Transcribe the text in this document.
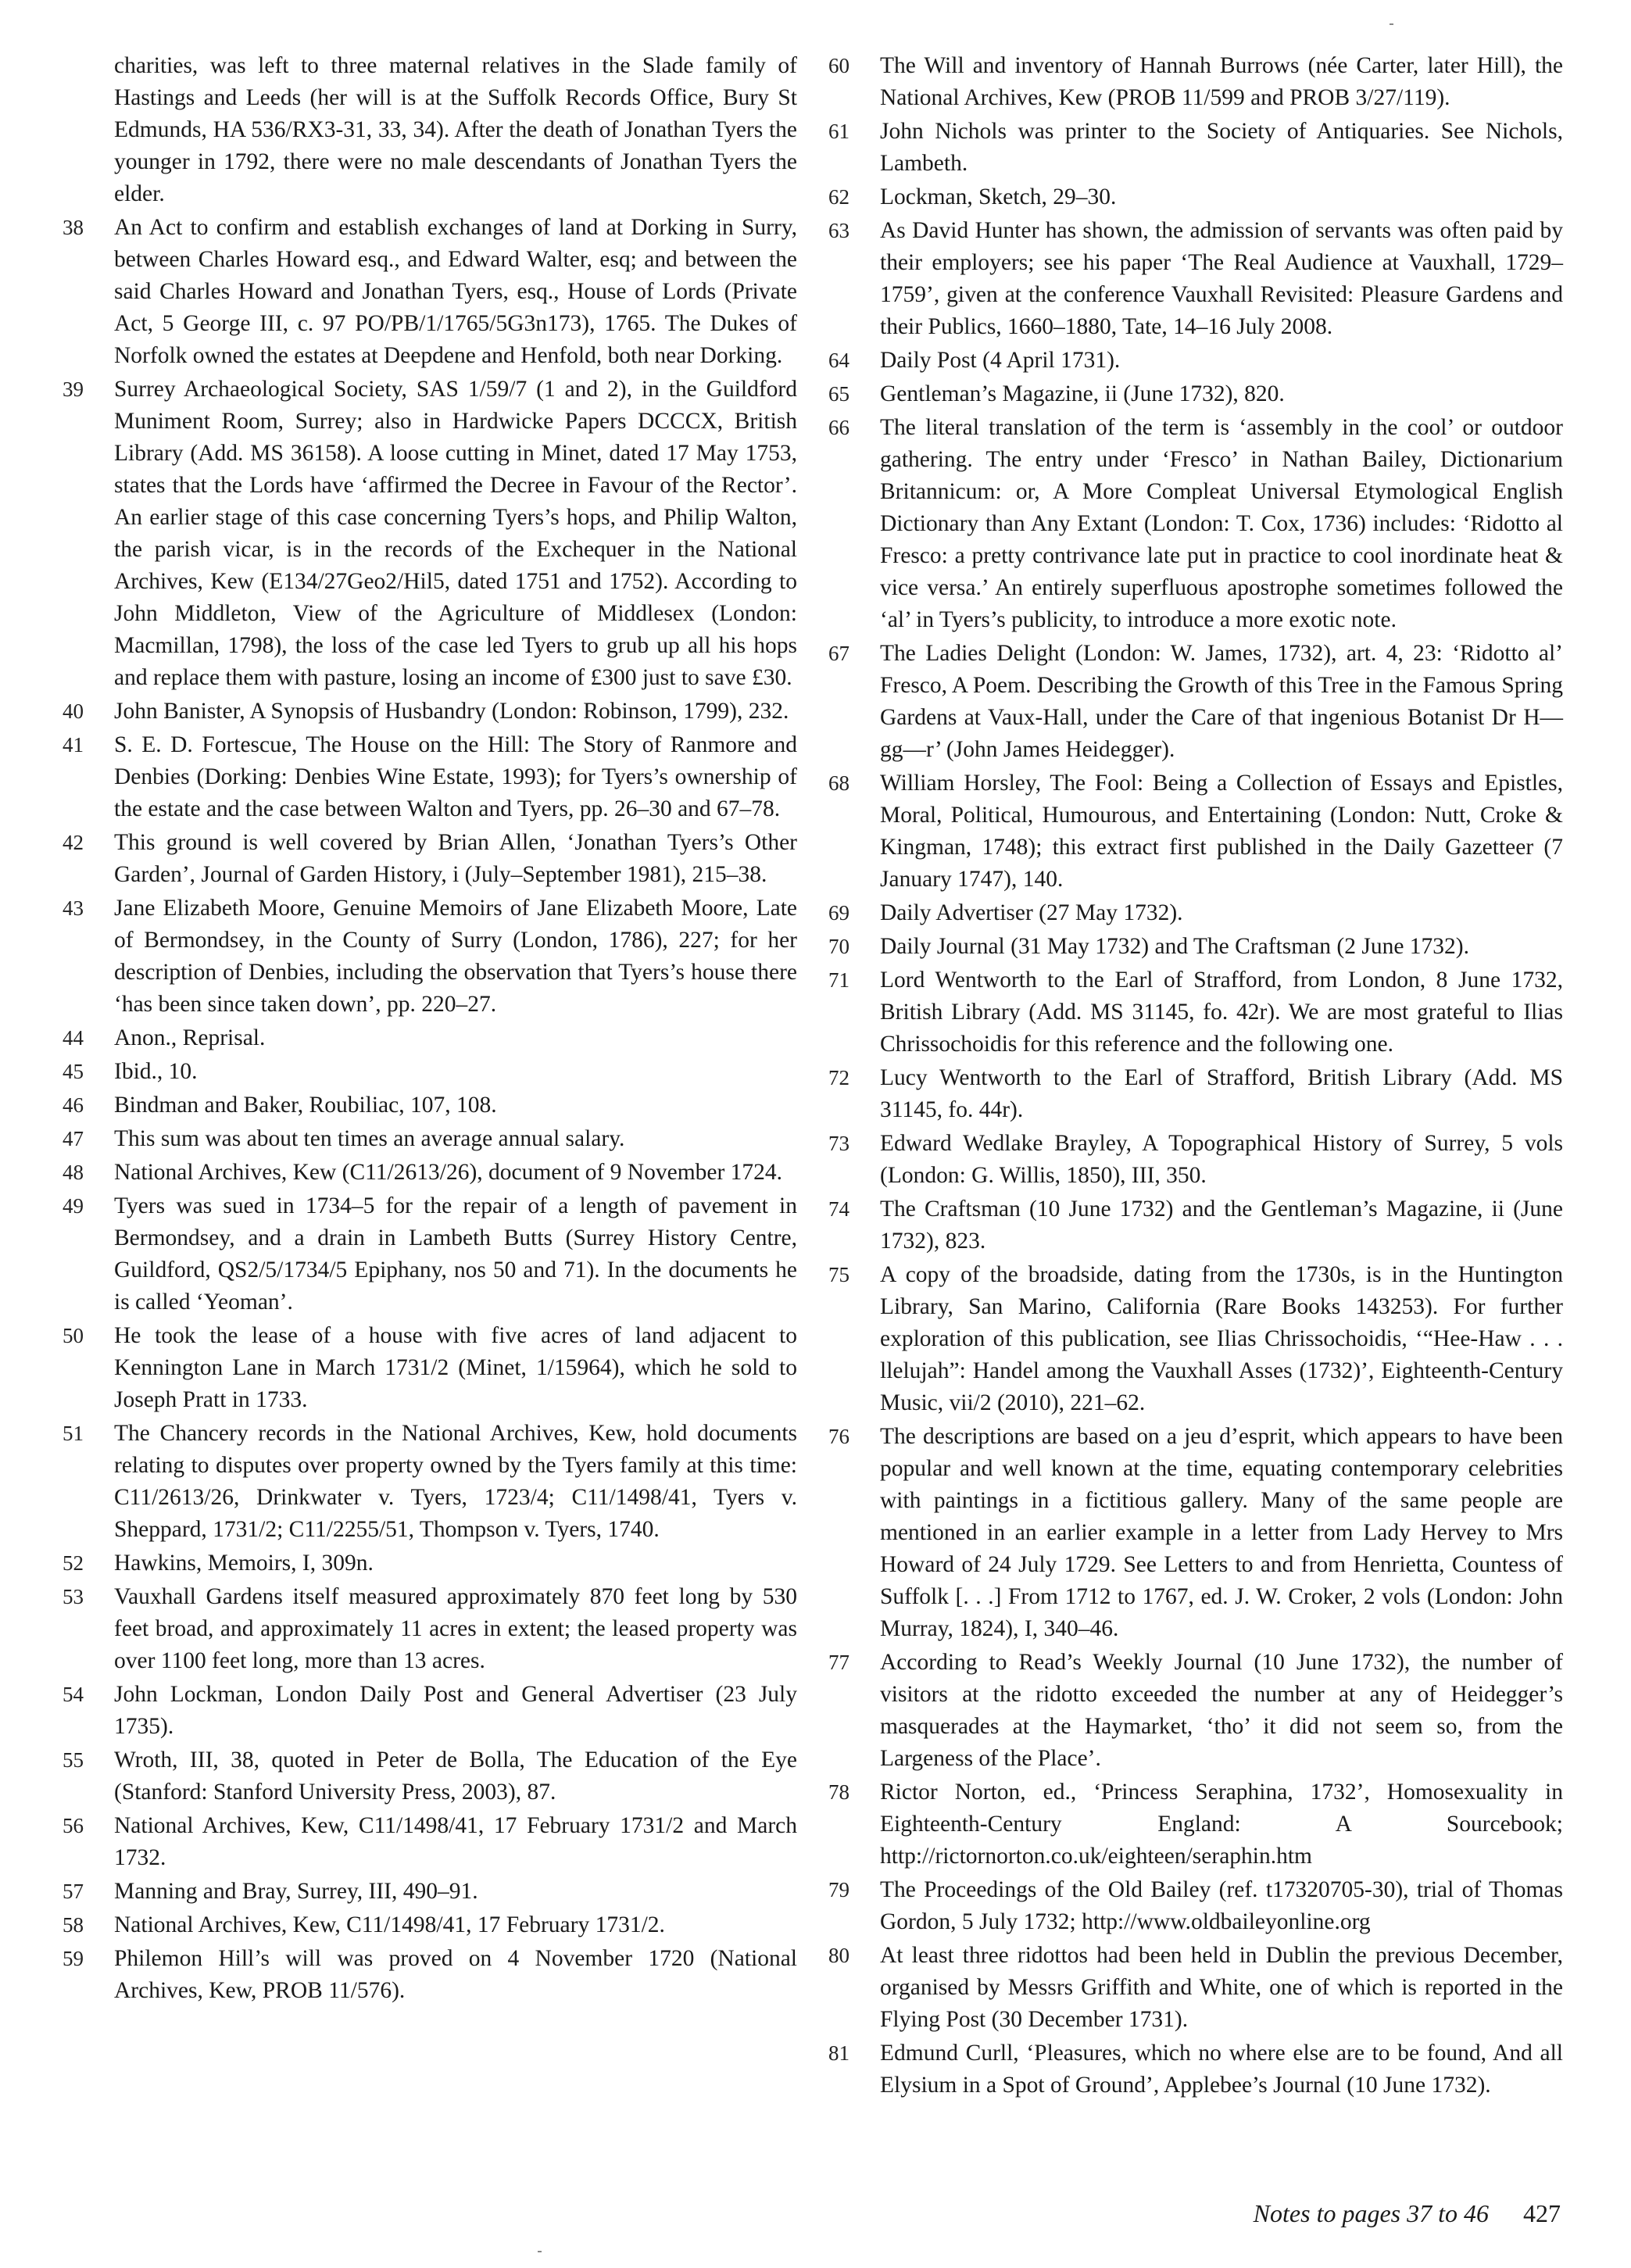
charities, was left to three maternal relatives in the Slade family of Hastings and Leeds (her will is at the Suffolk Records Office, Bury St Edmunds, HA 536/RX3-31, 33, 34). After the death of Jonathan Tyers the younger in 1792, there were no male descendants of Jonathan Tyers the elder.
38	An Act to confirm and establish exchanges of land at Dorking in Surry, between Charles Howard esq., and Edward Walter, esq; and between the said Charles Howard and Jonathan Tyers, esq., House of Lords (Private Act, 5 George III, c. 97 PO/PB/1/1765/5G3n173), 1765. The Dukes of Norfolk owned the estates at Deepdene and Henfold, both near Dorking.
39	Surrey Archaeological Society, SAS 1/59/7 (1 and 2), in the Guildford Muniment Room, Surrey; also in Hardwicke Papers DCCCX, British Library (Add. MS 36158). A loose cutting in Minet, dated 17 May 1753, states that the Lords have ‘affirmed the Decree in Favour of the Rector’. An earlier stage of this case concerning Tyers’s hops, and Philip Walton, the parish vicar, is in the records of the Exchequer in the National Archives, Kew (E134/27Geo2/Hil5, dated 1751 and 1752). According to John Middleton, View of the Agriculture of Middlesex (London: Macmillan, 1798), the loss of the case led Tyers to grub up all his hops and replace them with pasture, losing an income of £300 just to save £30.
40	John Banister, A Synopsis of Husbandry (London: Robinson, 1799), 232.
41	S. E. D. Fortescue, The House on the Hill: The Story of Ranmore and Denbies (Dorking: Denbies Wine Estate, 1993); for Tyers’s ownership of the estate and the case between Walton and Tyers, pp. 26–30 and 67–78.
42	This ground is well covered by Brian Allen, ‘Jonathan Tyers’s Other Garden’, Journal of Garden History, i (July–September 1981), 215–38.
43	Jane Elizabeth Moore, Genuine Memoirs of Jane Elizabeth Moore, Late of Bermondsey, in the County of Surry (London, 1786), 227; for her description of Denbies, including the observation that Tyers’s house there ‘has been since taken down’, pp. 220–27.
44	Anon., Reprisal.
45	Ibid., 10.
46	Bindman and Baker, Roubiliac, 107, 108.
47	This sum was about ten times an average annual salary.
48	National Archives, Kew (C11/2613/26), document of 9 November 1724.
49	Tyers was sued in 1734–5 for the repair of a length of pavement in Bermondsey, and a drain in Lambeth Butts (Surrey History Centre, Guildford, QS2/5/1734/5 Epiphany, nos 50 and 71). In the documents he is called ‘Yeoman’.
50	He took the lease of a house with five acres of land adjacent to Kennington Lane in March 1731/2 (Minet, 1/15964), which he sold to Joseph Pratt in 1733.
51	The Chancery records in the National Archives, Kew, hold documents relating to disputes over property owned by the Tyers family at this time: C11/2613/26, Drinkwater v. Tyers, 1723/4; C11/1498/41, Tyers v. Sheppard, 1731/2; C11/2255/51, Thompson v. Tyers, 1740.
52	Hawkins, Memoirs, I, 309n.
53	Vauxhall Gardens itself measured approximately 870 feet long by 530 feet broad, and approximately 11 acres in extent; the leased property was over 1100 feet long, more than 13 acres.
54	John Lockman, London Daily Post and General Advertiser (23 July 1735).
55	Wroth, III, 38, quoted in Peter de Bolla, The Education of the Eye (Stanford: Stanford University Press, 2003), 87.
56	National Archives, Kew, C11/1498/41, 17 February 1731/2 and March 1732.
57	Manning and Bray, Surrey, III, 490–91.
58	National Archives, Kew, C11/1498/41, 17 February 1731/2.
59	Philemon Hill’s will was proved on 4 November 1720 (National Archives, Kew, PROB 11/576).
60	The Will and inventory of Hannah Burrows (née Carter, later Hill), the National Archives, Kew (PROB 11/599 and PROB 3/27/119).
61	John Nichols was printer to the Society of Antiquaries. See Nichols, Lambeth.
62	Lockman, Sketch, 29–30.
63	As David Hunter has shown, the admission of servants was often paid by their employers; see his paper ‘The Real Audience at Vauxhall, 1729–1759’, given at the conference Vauxhall Revisited: Pleasure Gardens and their Publics, 1660–1880, Tate, 14–16 July 2008.
64	Daily Post (4 April 1731).
65	Gentleman’s Magazine, ii (June 1732), 820.
66	The literal translation of the term is ‘assembly in the cool’ or outdoor gathering. The entry under ‘Fresco’ in Nathan Bailey, Dictionarium Britannicum: or, A More Compleat Universal Etymological English Dictionary than Any Extant (London: T. Cox, 1736) includes: ‘Ridotto al Fresco: a pretty contrivance late put in practice to cool inordinate heat & vice versa.’ An entirely superfluous apostrophe sometimes followed the ‘al’ in Tyers’s publicity, to introduce a more exotic note.
67	The Ladies Delight (London: W. James, 1732), art. 4, 23: ‘Ridotto al’ Fresco, A Poem. Describing the Growth of this Tree in the Famous Spring Gardens at Vaux-Hall, under the Care of that ingenious Botanist Dr H—gg—r’ (John James Heidegger).
68	William Horsley, The Fool: Being a Collection of Essays and Epistles, Moral, Political, Humourous, and Entertaining (London: Nutt, Croke & Kingman, 1748); this extract first published in the Daily Gazetteer (7 January 1747), 140.
69	Daily Advertiser (27 May 1732).
70	Daily Journal (31 May 1732) and The Craftsman (2 June 1732).
71	Lord Wentworth to the Earl of Strafford, from London, 8 June 1732, British Library (Add. MS 31145, fo. 42r). We are most grateful to Ilias Chrissochoidis for this reference and the following one.
72	Lucy Wentworth to the Earl of Strafford, British Library (Add. MS 31145, fo. 44r).
73	Edward Wedlake Brayley, A Topographical History of Surrey, 5 vols (London: G. Willis, 1850), III, 350.
74	The Craftsman (10 June 1732) and the Gentleman’s Magazine, ii (June 1732), 823.
75	A copy of the broadside, dating from the 1730s, is in the Huntington Library, San Marino, California (Rare Books 143253). For further exploration of this publication, see Ilias Chrissochoidis, ‘“Hee-Haw . . . llelujah”: Handel among the Vauxhall Asses (1732)’, Eighteenth-Century Music, vii/2 (2010), 221–62.
76	The descriptions are based on a jeu d’esprit, which appears to have been popular and well known at the time, equating contemporary celebrities with paintings in a fictitious gallery. Many of the same people are mentioned in an earlier example in a letter from Lady Hervey to Mrs Howard of 24 July 1729. See Letters to and from Henrietta, Countess of Suffolk [. . .] From 1712 to 1767, ed. J. W. Croker, 2 vols (London: John Murray, 1824), I, 340–46.
77	According to Read’s Weekly Journal (10 June 1732), the number of visitors at the ridotto exceeded the number at any of Heidegger’s masquerades at the Haymarket, ‘tho’ it did not seem so, from the Largeness of the Place’.
78	Rictor Norton, ed., ‘Princess Seraphina, 1732’, Homosexuality in Eighteenth-Century England: A Sourcebook; http://rictornorton.co.uk/eighteen/seraphin.htm
79	The Proceedings of the Old Bailey (ref. t17320705-30), trial of Thomas Gordon, 5 July 1732; http://www.oldbaileyonline.org
80	At least three ridottos had been held in Dublin the previous December, organised by Messrs Griffith and White, one of which is reported in the Flying Post (30 December 1731).
81	Edmund Curll, ‘Pleasures, which no where else are to be found, And all Elysium in a Spot of Ground’, Applebee’s Journal (10 June 1732).
Notes to pages 37 to 46 427
